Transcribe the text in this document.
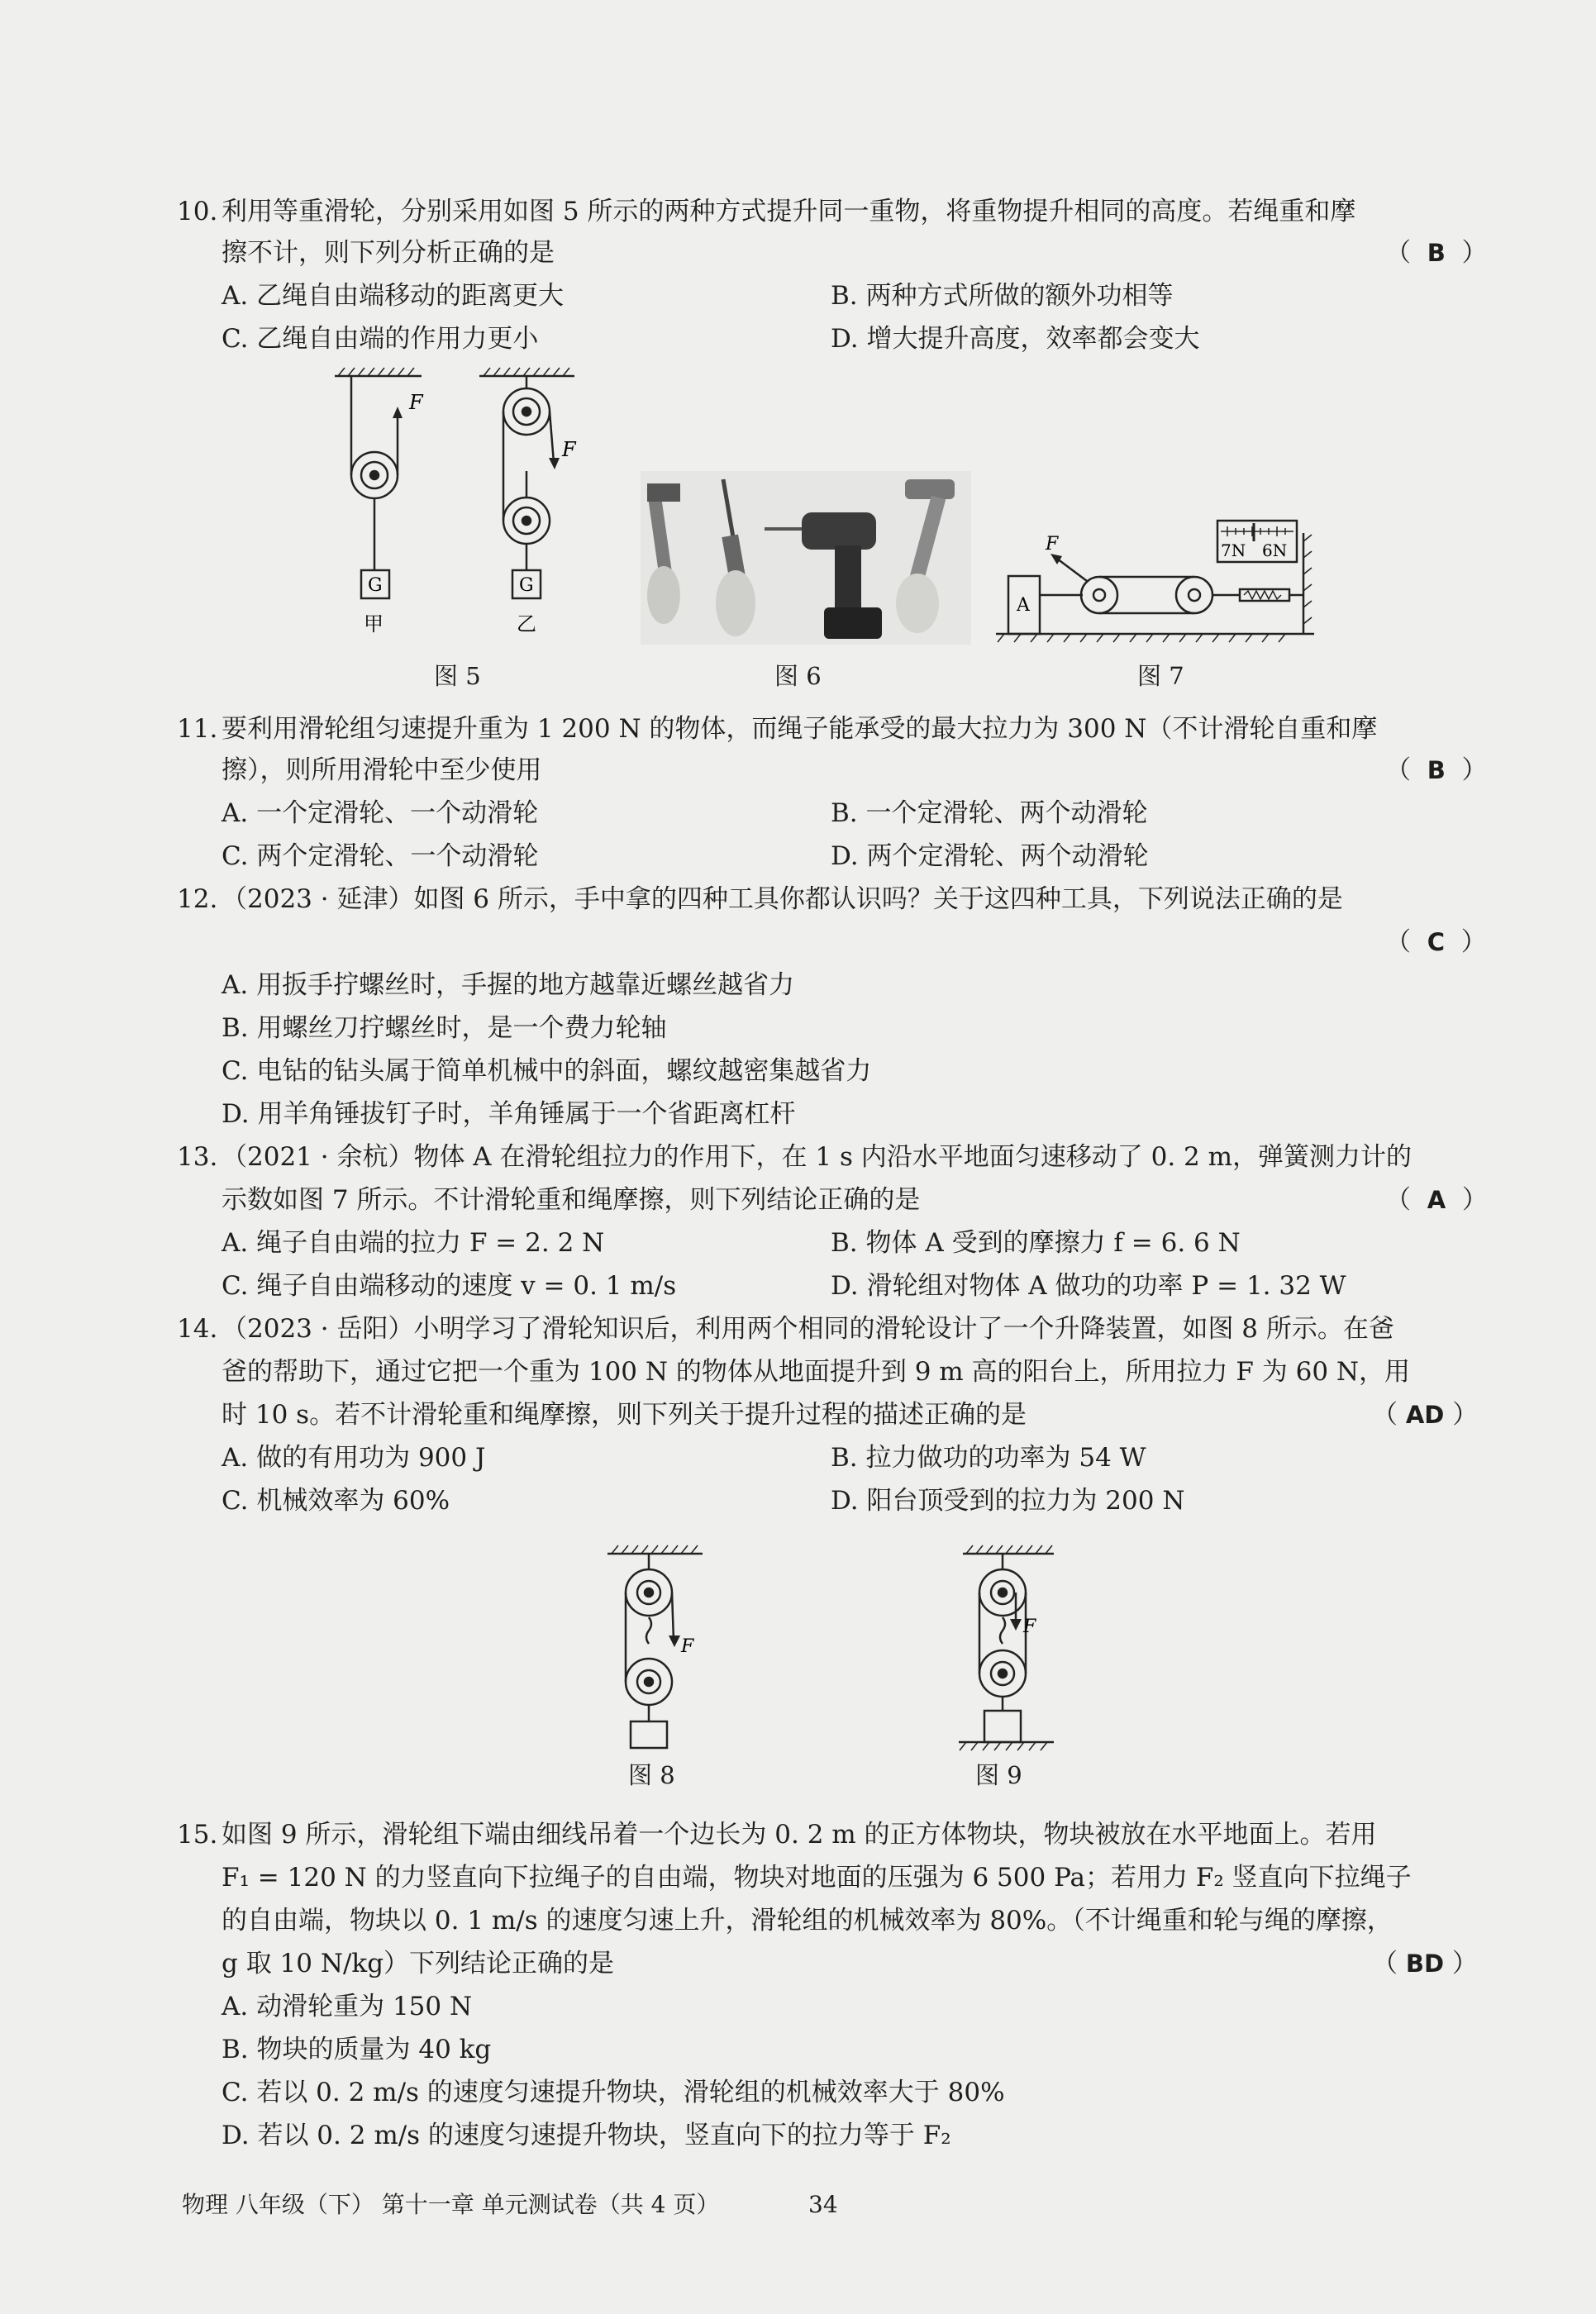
10. 利用等重滑轮，分别采用如图 5 所示的两种方式提升同一重物，将重物提升相同的高度。若绳重和摩
擦不计，则下列分析正确的是	（  B  ）
A. 乙绳自由端移动的距离更大	B. 两种方式所做的额外功相等
C. 乙绳自由端的作用力更小	D. 增大提升高度，效率都会变大
F
F
G	G
甲	乙
F
A
7N 6N
图 5	图 6	图 7
11. 要利用滑轮组匀速提升重为 1 200 N 的物体，而绳子能承受的最大拉力为 300 N（不计滑轮自重和摩
擦），则所用滑轮中至少使用	（  B  ）
A. 一个定滑轮、一个动滑轮	B. 一个定滑轮、两个动滑轮
C. 两个定滑轮、一个动滑轮	D. 两个定滑轮、两个动滑轮
12. （2023 · 延津）如图 6 所示，手中拿的四种工具你都认识吗？关于这四种工具，下列说法正确的是
（  C  ）
A. 用扳手拧螺丝时，手握的地方越靠近螺丝越省力
B. 用螺丝刀拧螺丝时，是一个费力轮轴
C. 电钻的钻头属于简单机械中的斜面，螺纹越密集越省力
D. 用羊角锤拔钉子时，羊角锤属于一个省距离杠杆
13. （2021 · 余杭）物体 A 在滑轮组拉力的作用下，在 1 s 内沿水平地面匀速移动了 0. 2 m，弹簧测力计的
示数如图 7 所示。不计滑轮重和绳摩擦，则下列结论正确的是	（  A  ）
A. 绳子自由端的拉力 F = 2. 2 N	B. 物体 A 受到的摩擦力 f = 6. 6 N
C. 绳子自由端移动的速度 v = 0. 1 m/s	D. 滑轮组对物体 A 做功的功率 P = 1. 32 W
14. （2023 · 岳阳）小明学习了滑轮知识后，利用两个相同的滑轮设计了一个升降装置，如图 8 所示。在爸
爸的帮助下，通过它把一个重为 100 N 的物体从地面提升到 9 m 高的阳台上，所用拉力 F 为 60 N，用
时 10 s。若不计滑轮重和绳摩擦，则下列关于提升过程的描述正确的是	（ AD ）
A. 做的有用功为 900 J	B. 拉力做功的功率为 54 W
C. 机械效率为 60%	D. 阳台顶受到的拉力为 200 N
F
F
图 8	图 9
15. 如图 9 所示，滑轮组下端由细线吊着一个边长为 0. 2 m 的正方体物块，物块被放在水平地面上。若用
F₁ = 120 N 的力竖直向下拉绳子的自由端，物块对地面的压强为 6 500 Pa；若用力 F₂ 竖直向下拉绳子
的自由端，物块以 0. 1 m/s 的速度匀速上升，滑轮组的机械效率为 80%。（不计绳重和轮与绳的摩擦，
g 取 10 N/kg）下列结论正确的是	（ BD ）
A. 动滑轮重为 150 N
B. 物块的质量为 40 kg
C. 若以 0. 2 m/s 的速度匀速提升物块，滑轮组的机械效率大于 80%
D. 若以 0. 2 m/s 的速度匀速提升物块，竖直向下的拉力等于 F₂
物理 八年级（下） 第十一章 单元测试卷（共 4 页）	34
